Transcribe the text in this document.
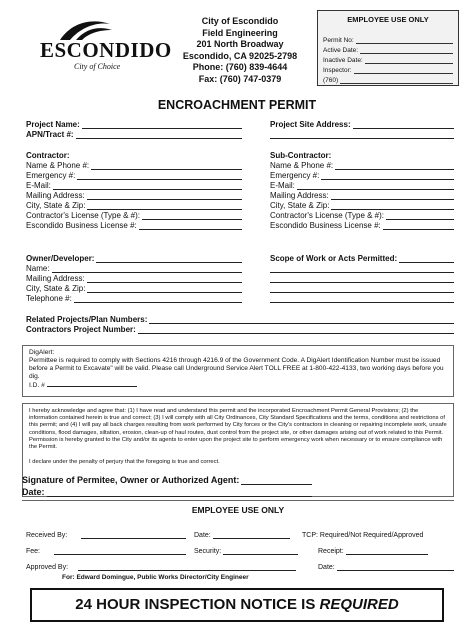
ESCONDIDO
City of Choice
City of Escondido
Field Engineering
201 North Broadway
Escondido, CA 92025-2798
Phone: (760) 839-4644
Fax: (760) 747-0379
EMPLOYEE USE ONLY
Permit No:
Active Date:
Inactive Date:
Inspector:
(760)
ENCROACHMENT PERMIT
Project Name:
APN/Tract #:
Contractor:
Name & Phone #:
Emergency #:
E-Mail:
Mailing Address:
City, State & Zip:
Contractor's License (Type & #):
Escondido Business License #:
Owner/Developer:
Name:
Mailing Address:
City, State & Zip:
Telephone #:
Project Site Address:
Sub-Contractor:
Name & Phone #:
Emergency #:
E-Mail:
Mailing Address:
City, State & Zip:
Contractor's License (Type & #):
Escondido Business License #:
Scope of Work or Acts Permitted:
Related Projects/Plan Numbers:
Contractors Project Number:
DigAlert:
Permittee is required to comply with Sections 4216 through 4216.9 of the Government Code. A DigAlert Identification Number must be issued before a Permit to Excavate" will be valid. Please call Underground Service Alert TOLL FREE at 1-800-422-4133, two working days before you dig.
I.D. #

I hereby acknowledge and agree that: (1) I have read and understand this permit and the incorporated Encroachment Permit General Provisions; (2) the information contained herein is true and correct; (3) I will comply with all City Ordinances, City Standard Specifications and the terms, conditions and restrictions of this permit; and (4) I will pay all back charges resulting from work performed by City forces or the City's contractors in cleaning or repairing incomplete work, unsafe conditions, flood damages, siltation, erosion, clean-up of haul routes, dust control from the project site, or other damages arising out of work related to this Permit. Permission is hereby granted to the City and/or its agents to enter upon the project site to perform emergency work when necessary or to ensure compliance with the Permit.

I declare under the penalty of perjury that the foregoing is true and correct.

Signature of Permitee, Owner or Authorized Agent :
Date:
EMPLOYEE USE ONLY
Received By:	Date:	TCP: Required/Not Required/Approved
Fee:	Security:	Receipt:
Approved By:	Date:
For: Edward Domingue, Public Works Director/City Engineer
24 HOUR INSPECTION NOTICE IS REQUIRED
